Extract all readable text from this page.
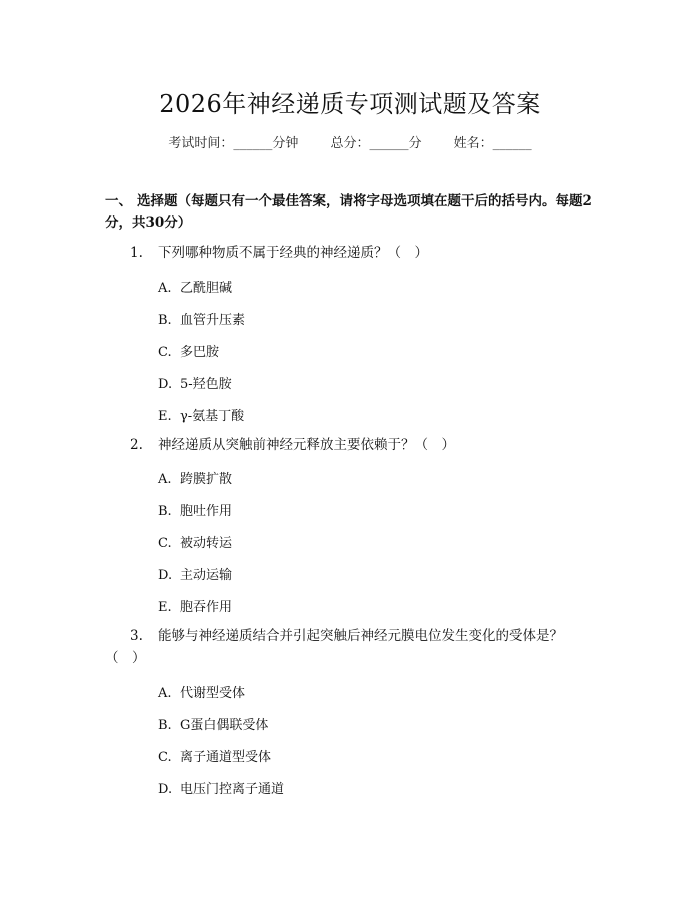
2026年神经递质专项测试题及答案
考试时间：______分钟 总分：______分 姓名：______
一、 选择题（每题只有一个最佳答案，请将字母选项填在题干后的括号内。每题2分，共30分）
1. 下列哪种物质不属于经典的神经递质？（　）
A. 乙酰胆碱
B. 血管升压素
C. 多巴胺
D. 5-羟色胺
E. γ-氨基丁酸
2. 神经递质从突触前神经元释放主要依赖于？（　）
A. 跨膜扩散
B. 胞吐作用
C. 被动转运
D. 主动运输
E. 胞吞作用
3. 能够与神经递质结合并引起突触后神经元膜电位发生变化的受体是？（　）
A. 代谢型受体
B. G蛋白偶联受体
C. 离子通道型受体
D. 电压门控离子通道
